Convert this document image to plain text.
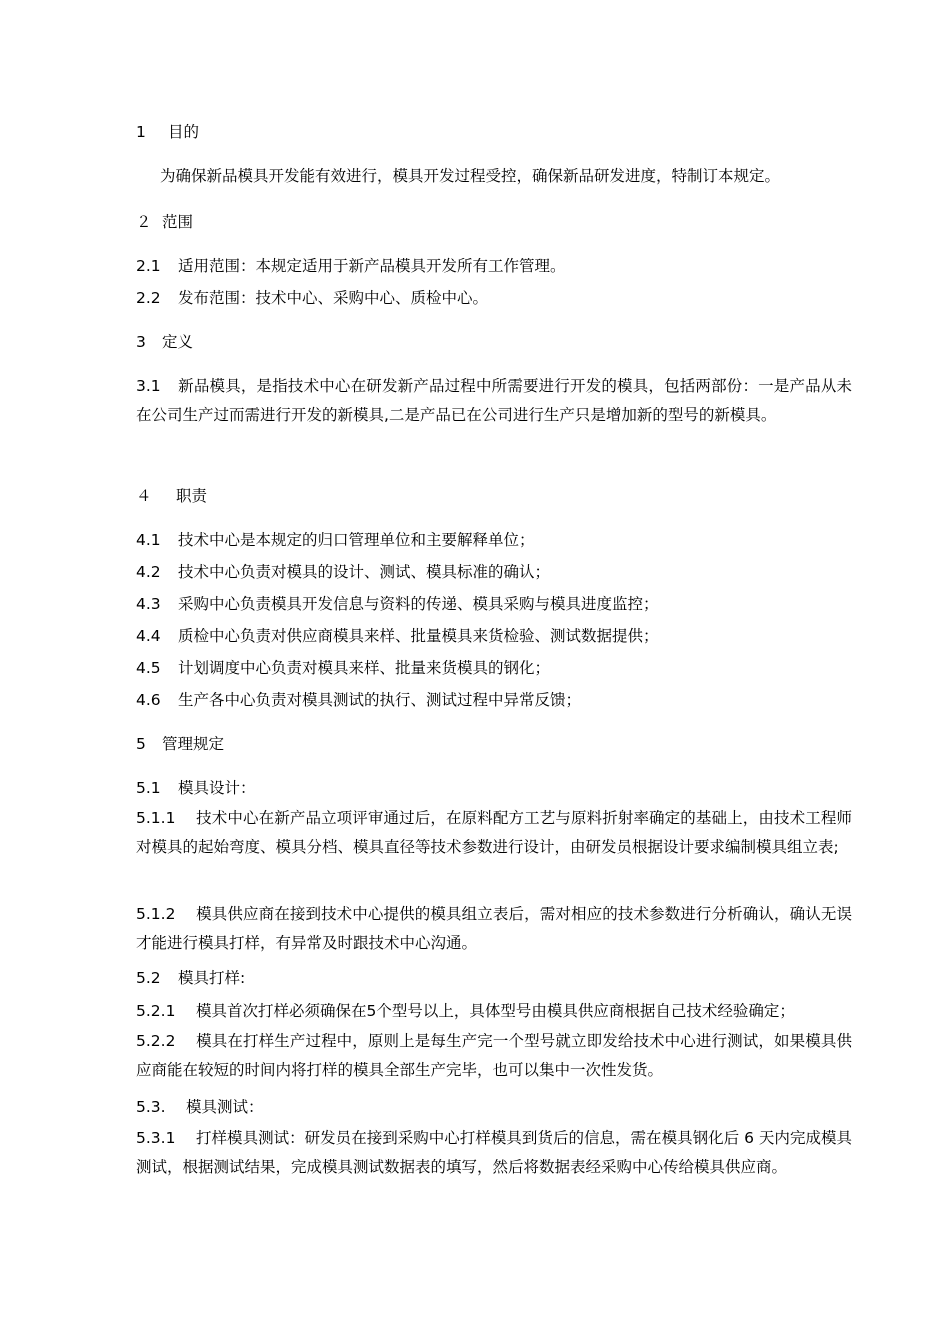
1 目的
为确保新品模具开发能有效进行，模具开发过程受控，确保新品研发进度，特制订本规定。
２ 范围
2.1 适用范围：本规定适用于新产品模具开发所有工作管理。
2.2 发布范围：技术中心、采购中心、质检中心。
3 定义
3.1 新品模具，是指技术中心在研发新产品过程中所需要进行开发的模具，包括两部份：一是产品从未在公司生产过而需进行开发的新模具,二是产品已在公司进行生产只是增加新的型号的新模具。
４ 职责
4.1 技术中心是本规定的归口管理单位和主要解释单位；
4.2 技术中心负责对模具的设计、测试、模具标准的确认；
4.3 采购中心负责模具开发信息与资料的传递、模具采购与模具进度监控；
4.4 质检中心负责对供应商模具来样、批量模具来货检验、测试数据提供；
4.5 计划调度中心负责对模具来样、批量来货模具的钢化；
4.6 生产各中心负责对模具测试的执行、测试过程中异常反馈；
5 管理规定
5.1 模具设计：
5.1.1 技术中心在新产品立项评审通过后，在原料配方工艺与原料折射率确定的基础上，由技术工程师对模具的起始弯度、模具分档、模具直径等技术参数进行设计，由研发员根据设计要求编制模具组立表;
5.1.2 模具供应商在接到技术中心提供的模具组立表后，需对相应的技术参数进行分析确认，确认无误才能进行模具打样，有异常及时跟技术中心沟通。
5.2 模具打样:
5.2.1 模具首次打样必须确保在5个型号以上，具体型号由模具供应商根据自己技术经验确定；
5.2.2 模具在打样生产过程中，原则上是每生产完一个型号就立即发给技术中心进行测试，如果模具供应商能在较短的时间内将打样的模具全部生产完毕，也可以集中一次性发货。
5.3. 模具测试：
5.3.1 打样模具测试：研发员在接到采购中心打样模具到货后的信息，需在模具钢化后 6 天内完成模具测试，根据测试结果，完成模具测试数据表的填写，然后将数据表经采购中心传给模具供应商。
